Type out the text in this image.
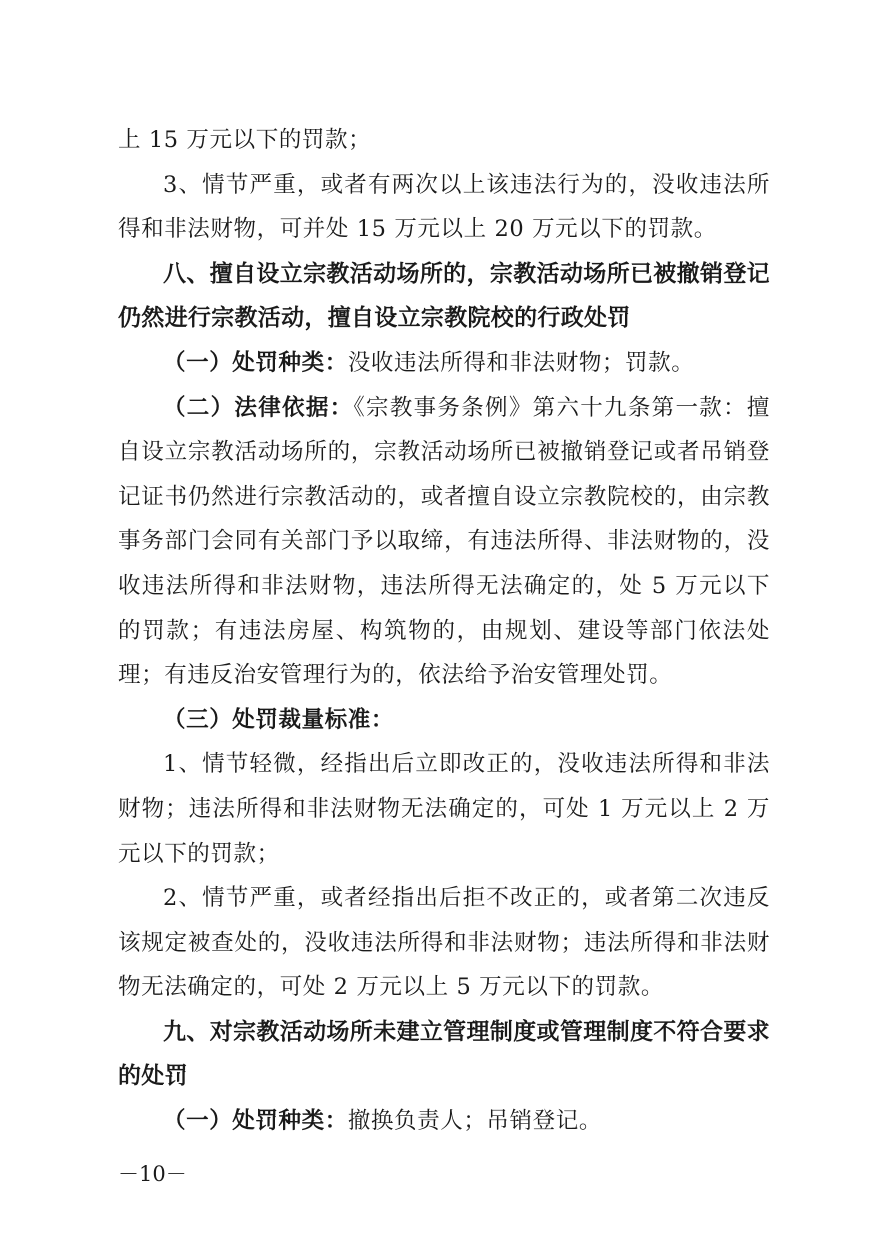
上 15 万元以下的罚款；

3、情节严重，或者有两次以上该违法行为的，没收违法所得和非法财物，可并处 15 万元以上 20 万元以下的罚款。

八、擅自设立宗教活动场所的，宗教活动场所已被撤销登记仍然进行宗教活动，擅自设立宗教院校的行政处罚

（一）处罚种类：没收违法所得和非法财物；罚款。

（二）法律依据：《宗教事务条例》第六十九条第一款：擅自设立宗教活动场所的，宗教活动场所已被撤销登记或者吊销登记证书仍然进行宗教活动的，或者擅自设立宗教院校的，由宗教事务部门会同有关部门予以取缔，有违法所得、非法财物的，没收违法所得和非法财物，违法所得无法确定的，处 5 万元以下的罚款；有违法房屋、构筑物的，由规划、建设等部门依法处理；有违反治安管理行为的，依法给予治安管理处罚。

（三）处罚裁量标准：

1、情节轻微，经指出后立即改正的，没收违法所得和非法财物；违法所得和非法财物无法确定的，可处 1 万元以上 2 万元以下的罚款；

2、情节严重，或者经指出后拒不改正的，或者第二次违反该规定被查处的，没收违法所得和非法财物；违法所得和非法财物无法确定的，可处 2 万元以上 5 万元以下的罚款。

九、对宗教活动场所未建立管理制度或管理制度不符合要求的处罚

（一）处罚种类：撤换负责人；吊销登记。

－10－
